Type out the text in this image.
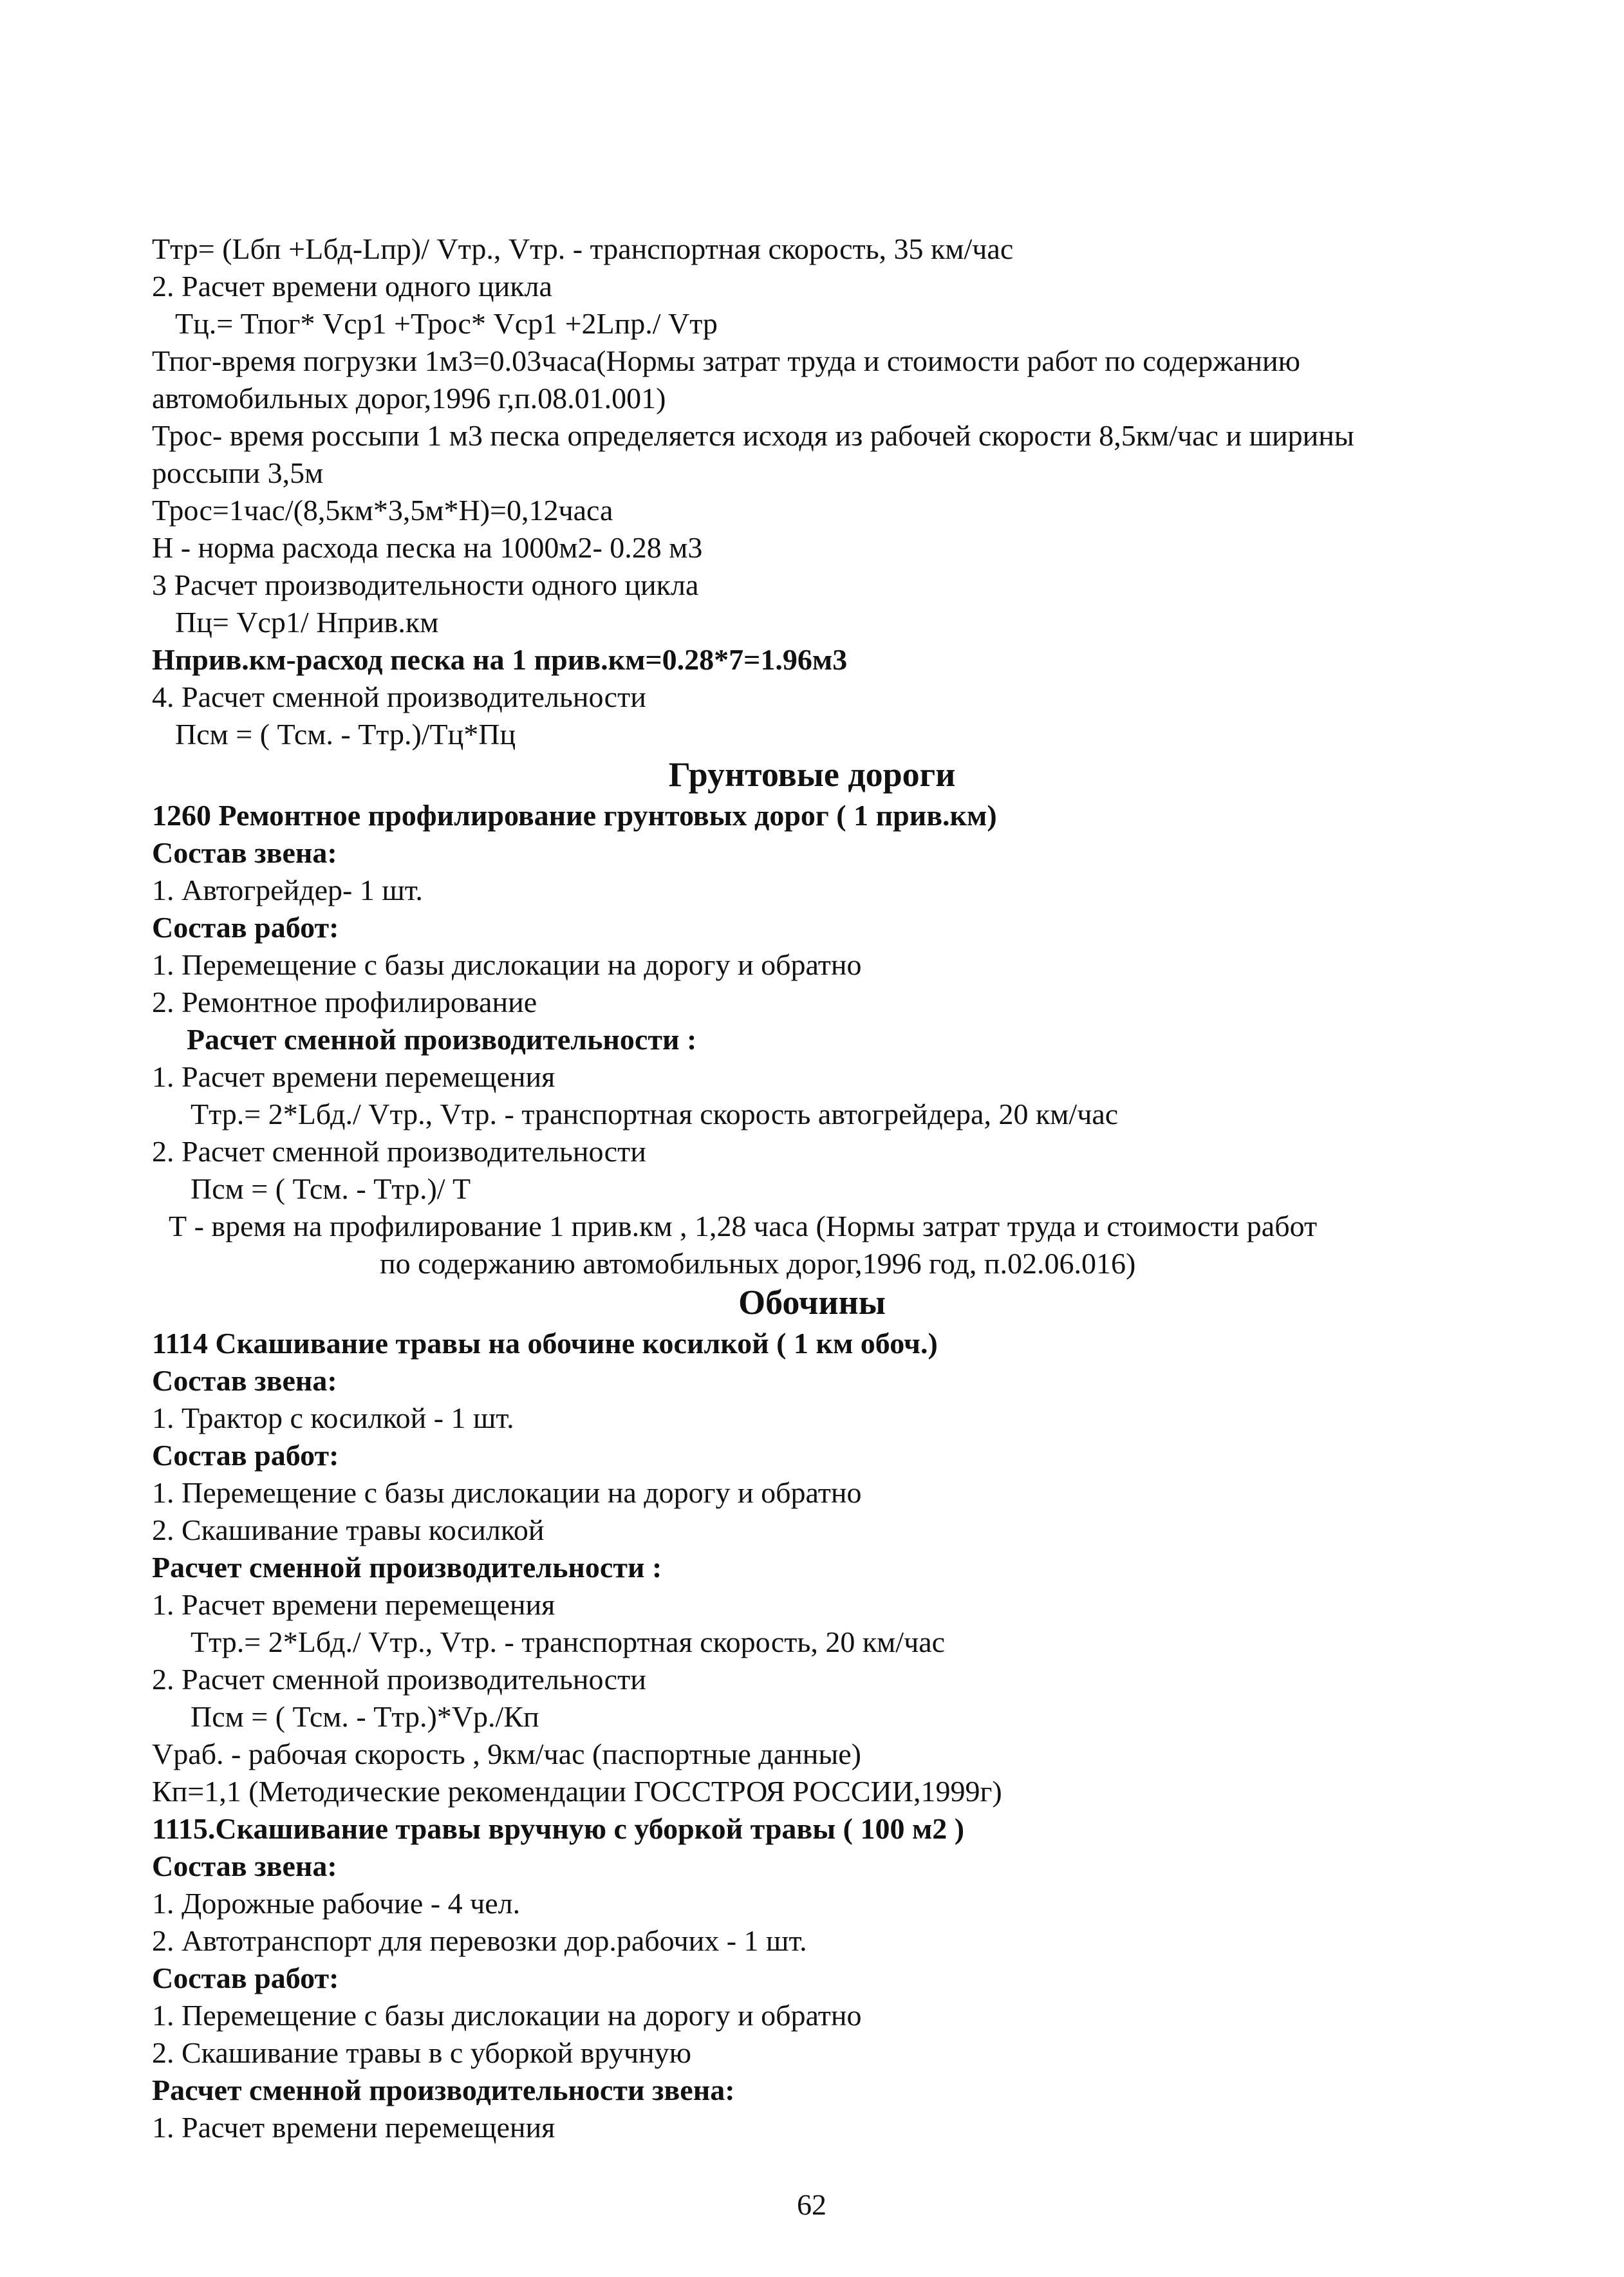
Ттр= (Lбп +Lбд-Lпр)/ Vтр., Vтр. - транспортная скорость, 35 км/час
2. Расчет времени одного цикла
Тц.= Тпог* Vср1 +Трос* Vср1 +2Lпр./ Vтр
Тпог-время погрузки 1м3=0.03часа(Нормы затрат труда и стоимости работ по содержанию
автомобильных дорог,1996 г,п.08.01.001)
Трос- время россыпи 1 м3 песка определяется исходя из рабочей скорости 8,5км/час и ширины
россыпи 3,5м
Трос=1час/(8,5км*3,5м*Н)=0,12часа
Н - норма расхода песка на 1000м2- 0.28 м3
3 Расчет производительности одного цикла
Пц= Vср1/ Нприв.км
Нприв.км-расход песка на 1 прив.км=0.28*7=1.96м3
4. Расчет сменной производительности
Псм = ( Тсм. - Ттр.)/Тц*Пц
Грунтовые дороги
1260 Ремонтное профилирование грунтовых дорог ( 1 прив.км)
Состав звена:
1. Автогрейдер- 1 шт.
Состав работ:
1. Перемещение с базы дислокации на дорогу и обратно
2. Ремонтное профилирование
Расчет сменной производительности :
1. Расчет времени перемещения
Ттр.= 2*Lбд./ Vтр., Vтр. - транспортная скорость автогрейдера, 20 км/час
2. Расчет сменной производительности
Псм = ( Тсм. - Ттр.)/ Т
Т - время на профилирование 1 прив.км , 1,28 часа (Нормы затрат труда и стоимости работ
по содержанию автомобильных дорог,1996 год, п.02.06.016)
Обочины
1114 Скашивание травы на обочине косилкой ( 1 км обоч.)
Состав звена:
1. Трактор с косилкой - 1 шт.
Состав работ:
1. Перемещение с базы дислокации на дорогу и обратно
2. Скашивание травы косилкой
Расчет сменной производительности :
1. Расчет времени перемещения
Ттр.= 2*Lбд./ Vтр., Vтр. - транспортная скорость, 20 км/час
2. Расчет сменной производительности
Псм = ( Тсм. - Ттр.)*Vр./Кп
Vраб. - рабочая скорость , 9км/час (паспортные данные)
Кп=1,1 (Методические рекомендации ГОССТРОЯ РОССИИ,1999г)
1115.Скашивание травы вручную с уборкой травы ( 100 м2 )
Состав звена:
1. Дорожные рабочие - 4 чел.
2. Автотранспорт для перевозки дор.рабочих - 1 шт.
Состав работ:
1. Перемещение с базы дислокации на дорогу и обратно
2. Скашивание травы в с уборкой вручную
Расчет сменной производительности звена:
1. Расчет времени перемещения
62
